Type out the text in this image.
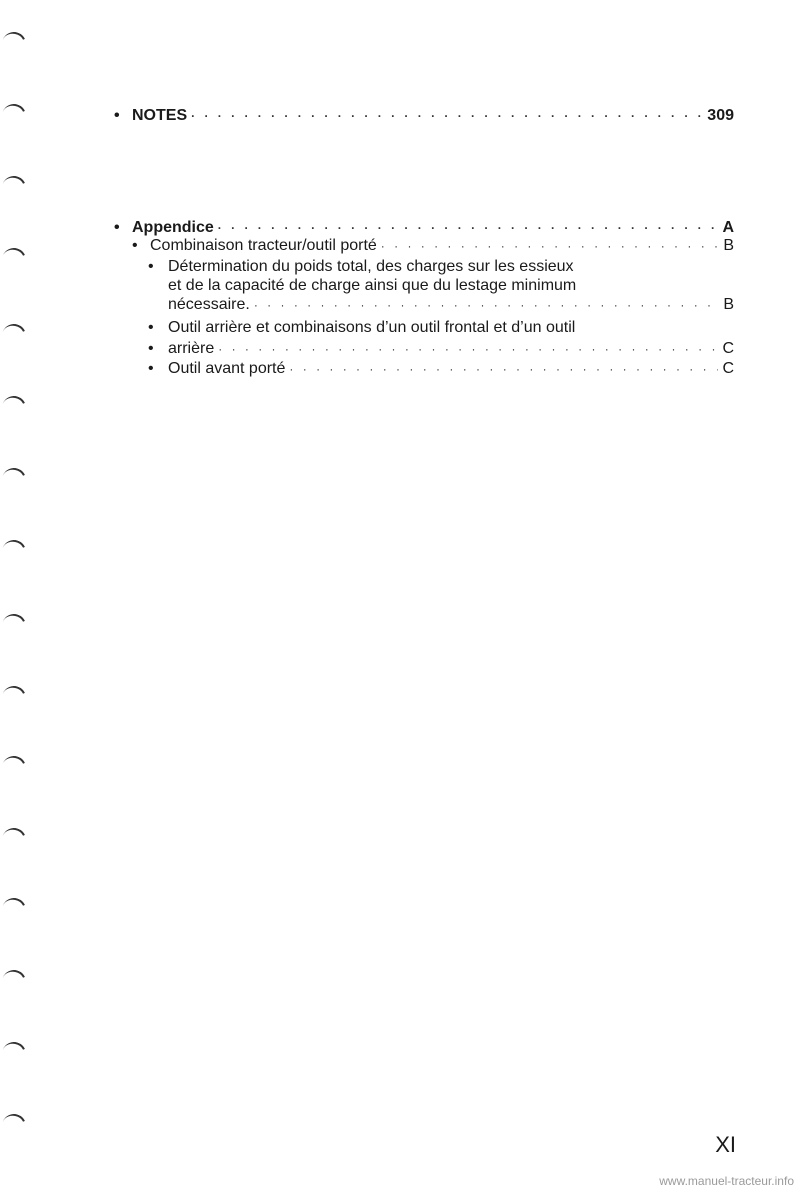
• NOTES · · ·	309
• Appendice · · ·	A
• Combinaison tracteur/outil porté · · ·	B
• Détermination du poids total, des charges sur les essieux
et de la capacité de charge ainsi que du lestage minimum
nécessaire. · · ·	B
• Outil arrière et combinaisons d’un outil frontal et d’un outil
• arrière · · ·	C
• Outil avant porté · · ·	C
XI
www.manuel-tracteur.info
